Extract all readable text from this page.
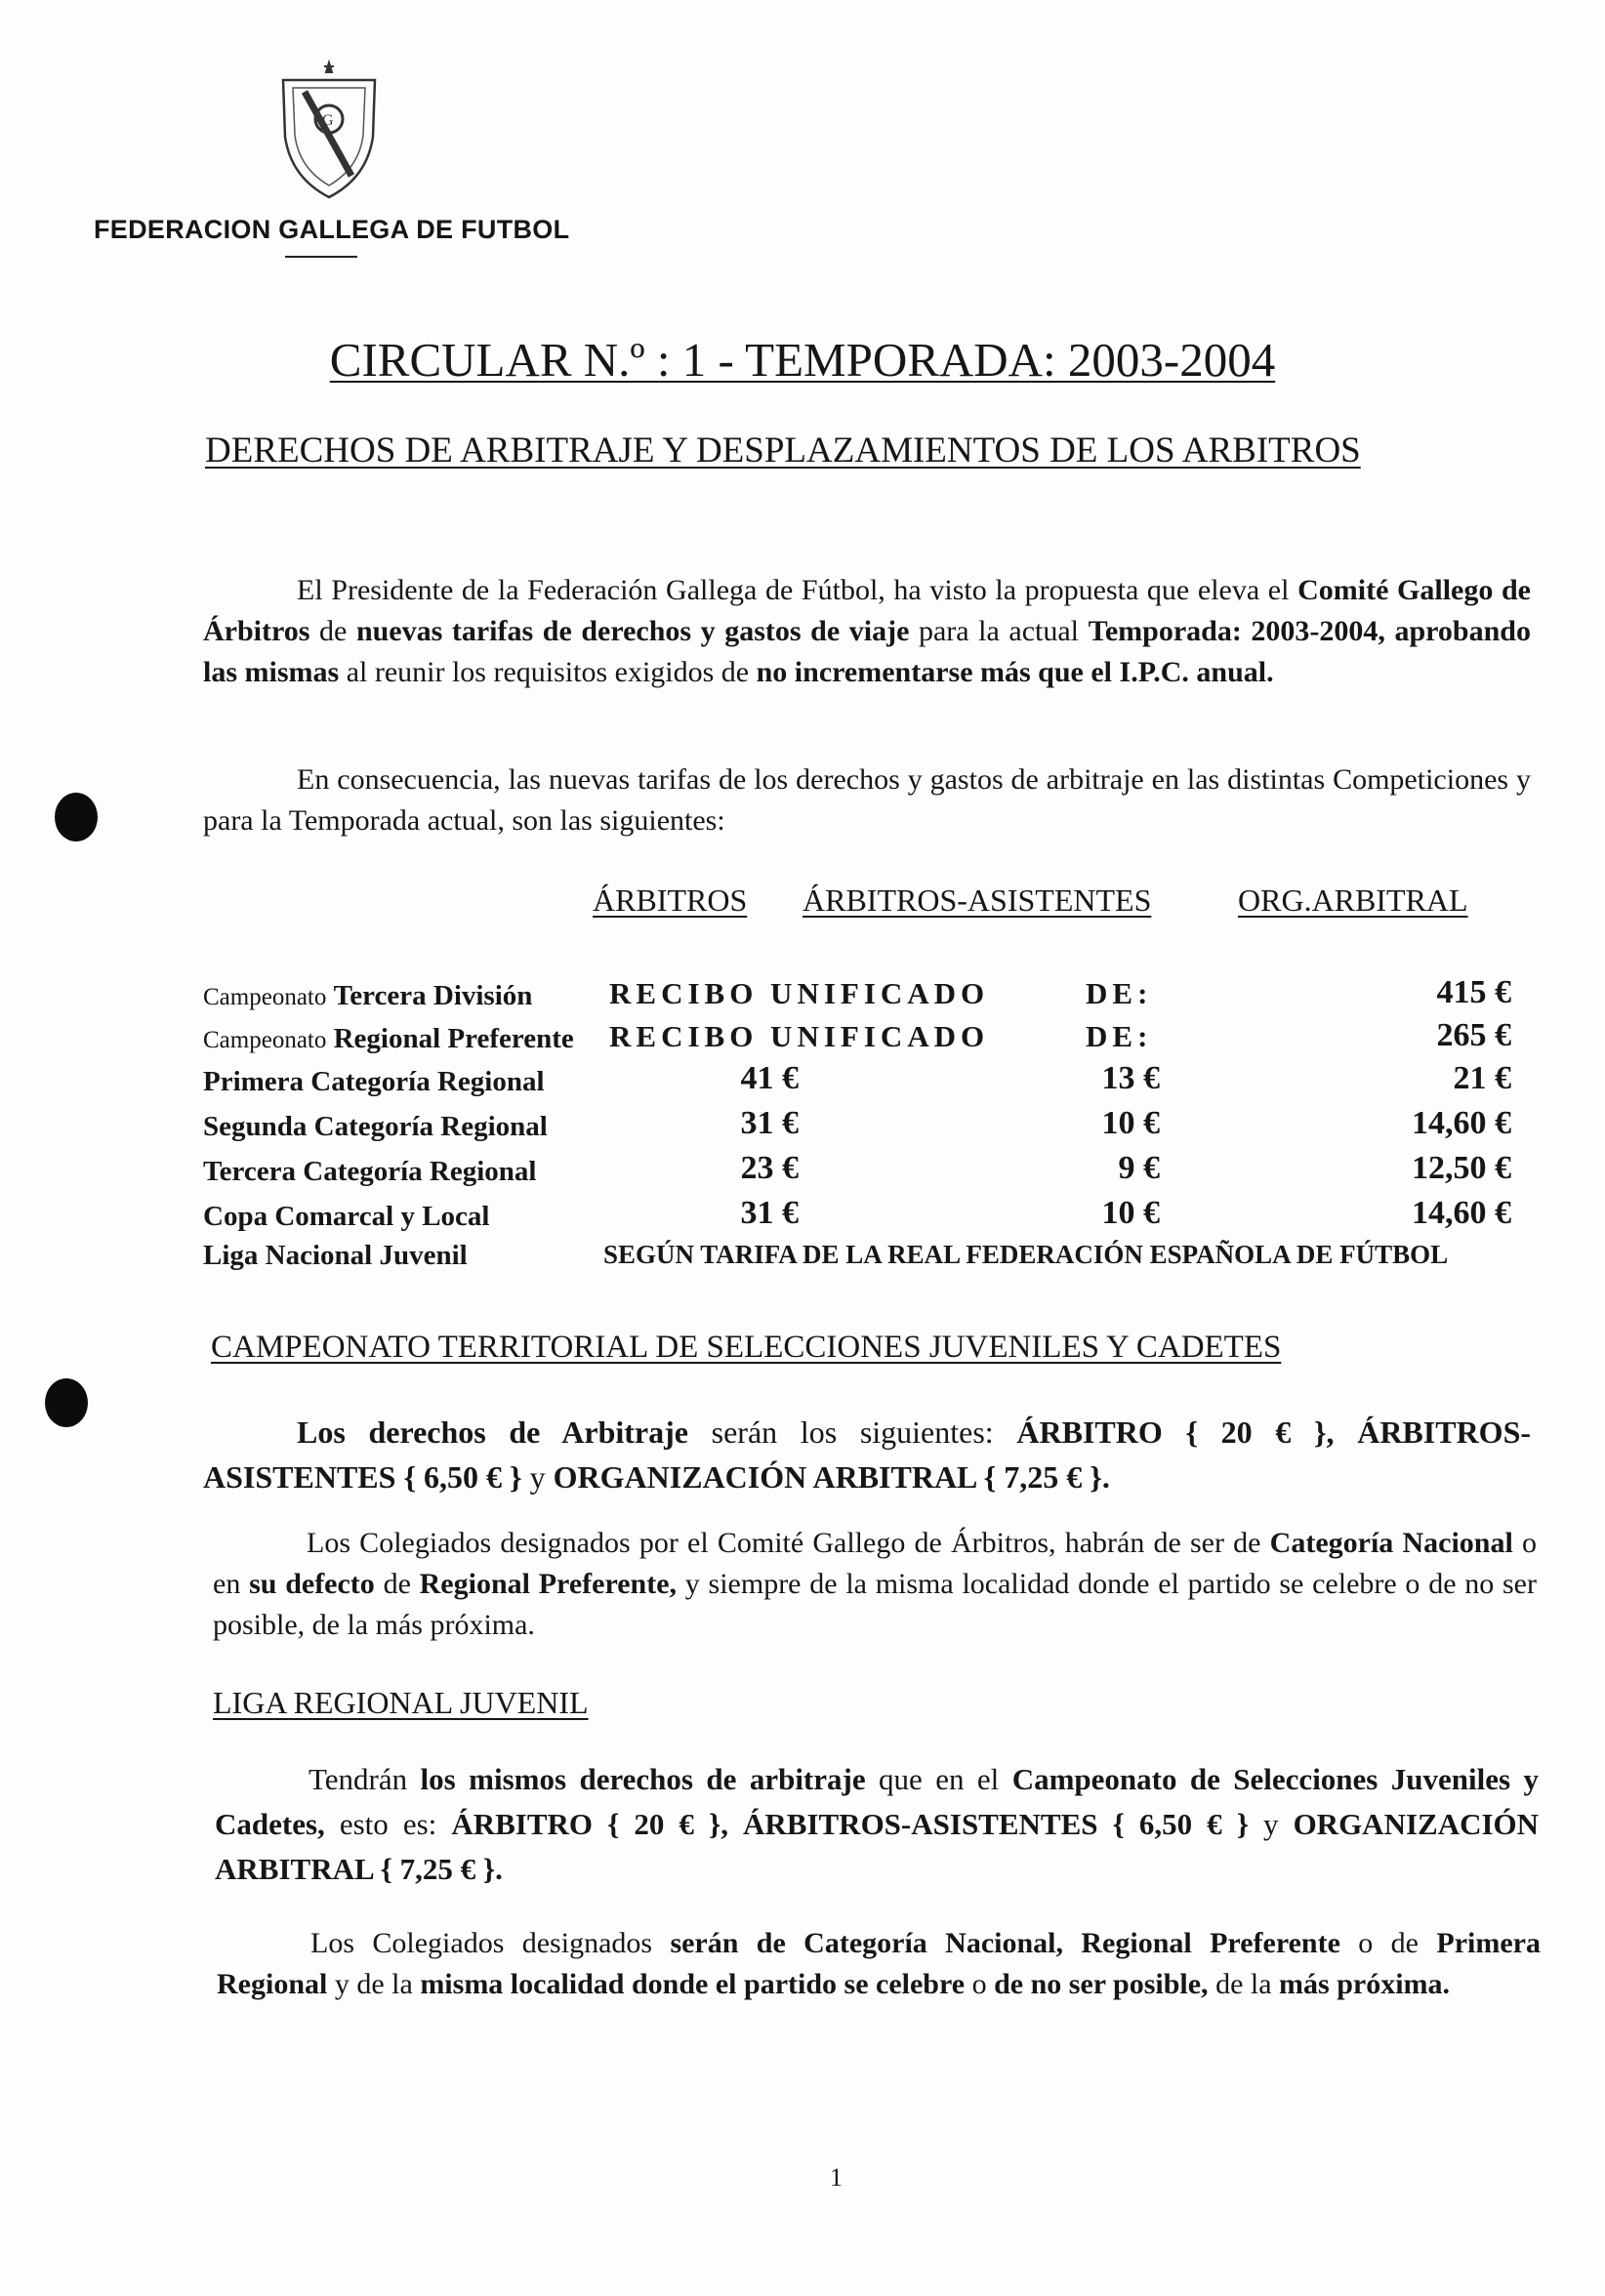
G
FEDERACION GALLEGA DE FUTBOL
CIRCULAR N.º : 1 - TEMPORADA: 2003-2004
DERECHOS DE ARBITRAJE Y DESPLAZAMIENTOS DE LOS ARBITROS

El Presidente de la Federación Gallega de Fútbol, ha visto la propuesta que eleva el Comité Gallego de Árbitros de nuevas tarifas de derechos y gastos de viaje para la actual Temporada: 2003-2004, aprobando las mismas al reunir los requisitos exigidos de no incrementarse más que el I.P.C. anual.

En consecuencia, las nuevas tarifas de los derechos y gastos de arbitraje en las distintas Competiciones y para la Temporada actual, son las siguientes:

ÁRBITROS ÁRBITROS-ASISTENTES	ORG.ARBITRAL
Campeonato Tercera División	RECIBO UNIFICADO	DE:	415 €
Campeonato Regional Preferente RECIBO UNIFICADO	DE:	265 €
Primera Categoría Regional	41 €	13 €	21 €
Segunda Categoría Regional	31 €	10 €	14,60 €
Tercera Categoría Regional	23 €	9 €	12,50 €
Copa Comarcal y Local	31 €	10 €	14,60 €
Liga Nacional Juvenil	SEGÚN TARIFA DE LA REAL FEDERACIÓN ESPAÑOLA DE FÚTBOL
CAMPEONATO TERRITORIAL DE SELECCIONES JUVENILES Y CADETES

Los derechos de Arbitraje serán los siguientes: ÁRBITRO { 20 € }, ÁRBITROS-ASISTENTES { 6,50 € } y ORGANIZACIÓN ARBITRAL { 7,25 € }.

Los Colegiados designados por el Comité Gallego de Árbitros, habrán de ser de Categoría Nacional o en su defecto de Regional Preferente, y siempre de la misma localidad donde el partido se celebre o de no ser posible, de la más próxima.

LIGA REGIONAL JUVENIL

Tendrán los mismos derechos de arbitraje que en el Campeonato de Selecciones Juveniles y Cadetes, esto es: ÁRBITRO { 20 € }, ÁRBITROS-ASISTENTES { 6,50 € } y ORGANIZACIÓN ARBITRAL { 7,25 € }.

Los Colegiados designados serán de Categoría Nacional, Regional Preferente o de Primera Regional y de la misma localidad donde el partido se celebre o de no ser posible, de la más próxima.

1
